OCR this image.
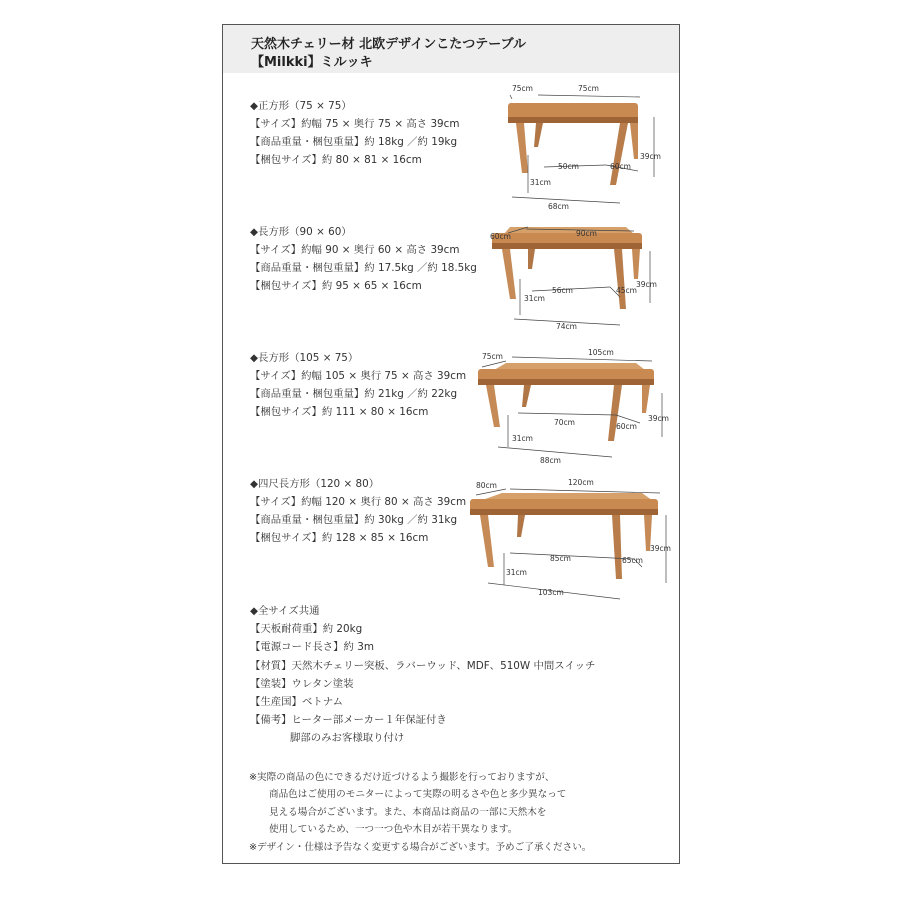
天然木チェリー材 北欧デザインこたつテーブル
【Milkki】ミルッキ
◆正方形（75 × 75）
【サイズ】約幅 75 × 奥行 75 × 高さ 39cm
【商品重量・梱包重量】約 18kg ／約 19kg
【梱包サイズ】約 80 × 81 × 16cm
75cm	75cm
39cm
50cm	60cm
31cm
68cm
◆長方形（90 × 60）
【サイズ】約幅 90 × 奥行 60 × 高さ 39cm
【商品重量・梱包重量】約 17.5kg ／約 18.5kg
【梱包サイズ】約 95 × 65 × 16cm
60cm	90cm
39cm
56cm	45cm
31cm
74cm
◆長方形（105 × 75）
【サイズ】約幅 105 × 奥行 75 × 高さ 39cm
【商品重量・梱包重量】約 21kg ／約 22kg
【梱包サイズ】約 111 × 80 × 16cm
75cm	105cm
39cm
70cm	60cm
31cm
88cm
◆四尺長方形（120 × 80）
【サイズ】約幅 120 × 奥行 80 × 高さ 39cm
【商品重量・梱包重量】約 30kg ／約 31kg
【梱包サイズ】約 128 × 85 × 16cm
80cm	120cm
39cm
85cm	65cm
31cm
103cm
◆全サイズ共通
【天板耐荷重】約 20kg
【電源コード長さ】約 3m
【材質】天然木チェリー突板、ラバーウッド、MDF、510W 中間スイッチ
【塗装】ウレタン塗装
【生産国】ベトナム
【備考】ヒーター部メーカー１年保証付き
脚部のみお客様取り付け
※実際の商品の色にできるだけ近づけるよう撮影を行っておりますが、
商品色はご使用のモニターによって実際の明るさや色と多少異なって
見える場合がございます。また、本商品は商品の一部に天然木を
使用しているため、一つ一つ色や木目が若干異なります。
※デザイン・仕様は予告なく変更する場合がございます。予めご了承ください。
